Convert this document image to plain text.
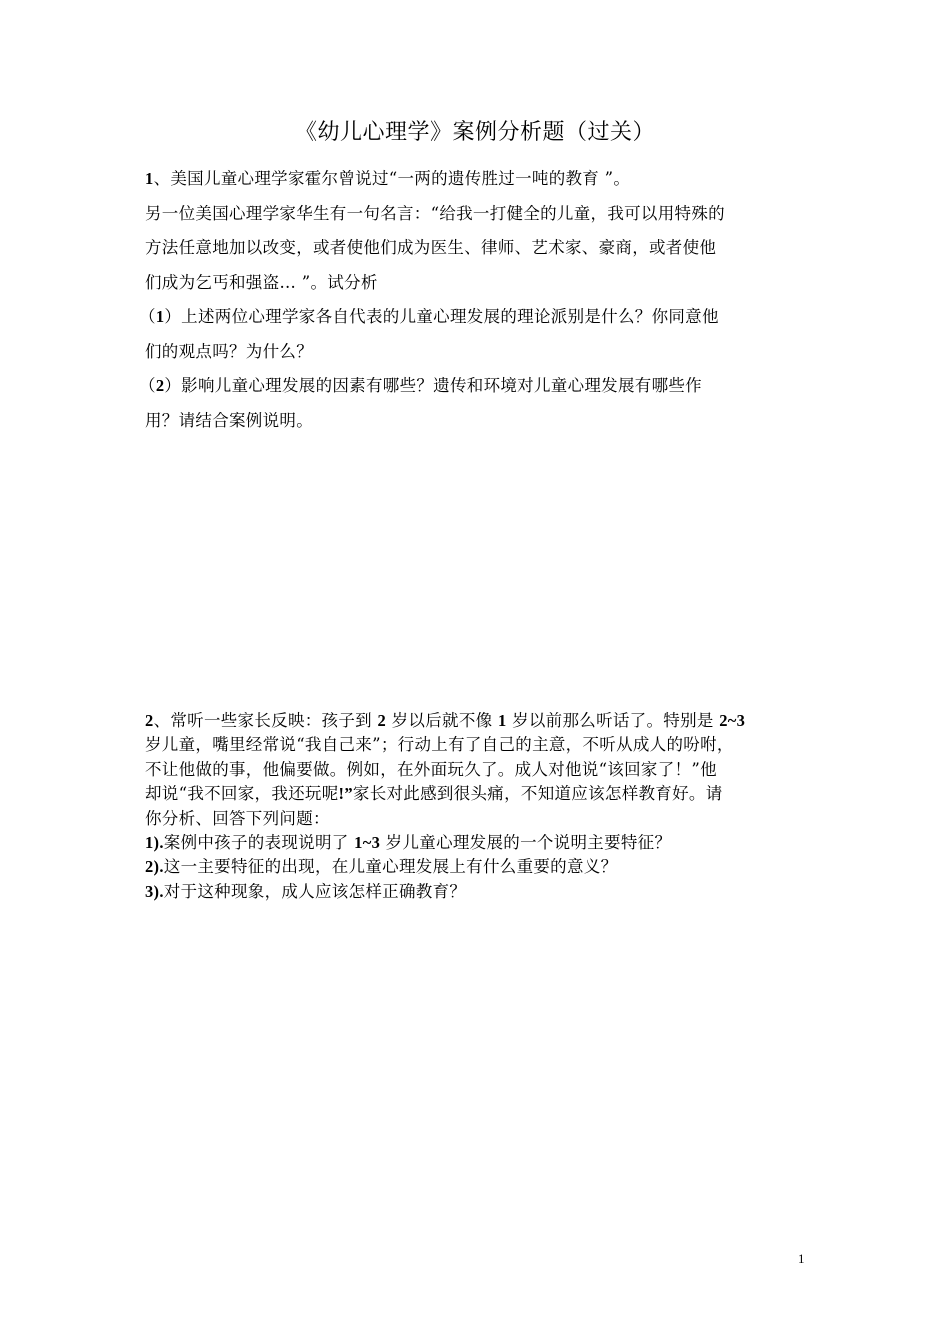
《幼儿心理学》案例分析题（过关）

1、美国儿童心理学家霍尔曾说过“一两的遗传胜过一吨的教育 ”。

另一位美国心理学家华生有一句名言：“给我一打健全的儿童，我可以用特殊的

方法任意地加以改变，或者使他们成为医生、律师、艺术家、豪商，或者使他

们成为乞丐和强盗… ”。试分析

（1）上述两位心理学家各自代表的儿童心理发展的理论派别是什么？你同意他

们的观点吗？为什么？

（2）影响儿童心理发展的因素有哪些？遗传和环境对儿童心理发展有哪些作

用？请结合案例说明。

2、常听一些家长反映：孩子到 2 岁以后就不像 1 岁以前那么听话了。特别是 2~3

岁儿童，嘴里经常说“我自己来”；行动上有了自己的主意，不听从成人的吩咐，

不让他做的事，他偏要做。例如，在外面玩久了。成人对他说“该回家了！”他

却说“我不回家，我还玩呢!”家长对此感到很头痛，不知道应该怎样教育好。请

你分析、回答下列问题：

1).案例中孩子的表现说明了 1~3 岁儿童心理发展的一个说明主要特征？

2).这一主要特征的出现，在儿童心理发展上有什么重要的意义？

3).对于这种现象，成人应该怎样正确教育？

1
